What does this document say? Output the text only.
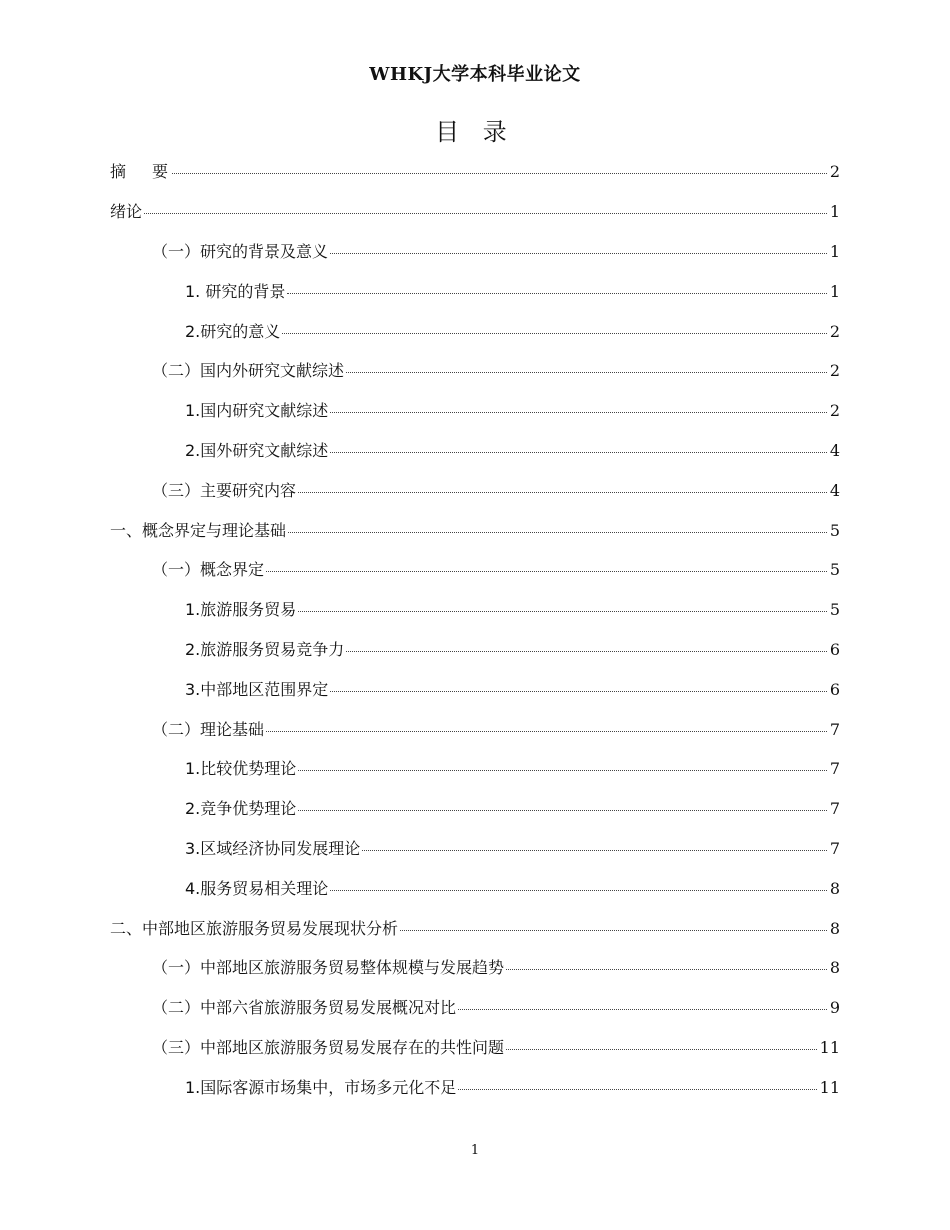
WHKJ大学本科毕业论文
目 录
摘要	2
绪论	1
（一）研究的背景及意义	1
1. 研究的背景	1
2.研究的意义	2
（二）国内外研究文献综述	2
1.国内研究文献综述	2
2.国外研究文献综述	4
（三）主要研究内容	4
一、概念界定与理论基础	5
（一）概念界定	5
1.旅游服务贸易	5
2.旅游服务贸易竞争力	6
3.中部地区范围界定	6
（二）理论基础	7
1.比较优势理论	7
2.竞争优势理论	7
3.区域经济协同发展理论	7
4.服务贸易相关理论	8
二、中部地区旅游服务贸易发展现状分析	8
（一）中部地区旅游服务贸易整体规模与发展趋势	8
（二）中部六省旅游服务贸易发展概况对比	9
（三）中部地区旅游服务贸易发展存在的共性问题	11
1.国际客源市场集中，市场多元化不足	11
1
